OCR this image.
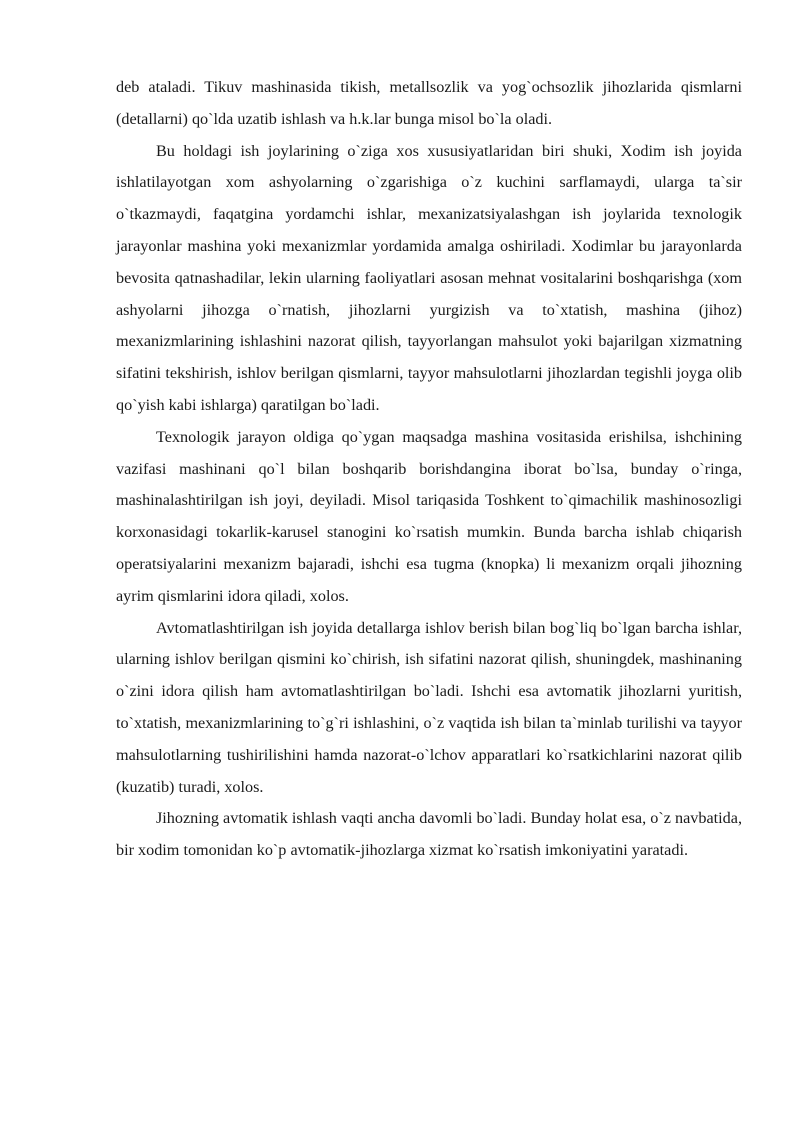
deb ataladi. Tikuv mashinasida tikish, metallsozlik va yog`ochsozlik jihozlarida qismlarni (detallarni) qo`lda uzatib ishlash va h.k.lar bunga misol bo`la oladi.

Bu holdagi ish joylarining o`ziga xos xususiyatlaridan biri shuki, Xodim ish joyida ishlatilayotgan xom ashyolarning o`zgarishiga o`z kuchini sarflamaydi, ularga ta`sir o`tkazmaydi, faqatgina yordamchi ishlar, mexanizatsiyalashgan ish joylarida texnologik jarayonlar mashina yoki mexanizmlar yordamida amalga oshiriladi. Xodimlar bu jarayonlarda bevosita qatnashadilar, lekin ularning faoliyatlari asosan mehnat vositalarini boshqarishga (xom ashyolarni jihozga o`rnatish, jihozlarni yurgizish va to`xtatish, mashina (jihoz) mexanizmlarining ishlashini nazorat qilish, tayyorlangan mahsulot yoki bajarilgan xizmatning sifatini tekshirish, ishlov berilgan qismlarni, tayyor mahsulotlarni jihozlardan tegishli joyga olib qo`yish kabi ishlarga) qaratilgan bo`ladi.

Texnologik jarayon oldiga qo`ygan maqsadga mashina vositasida erishilsa, ishchining vazifasi mashinani qo`l bilan boshqarib borishdangina iborat bo`lsa, bunday o`ringa, mashinalashtirilgan ish joyi, deyiladi. Misol tariqasida Toshkent to`qimachilik mashinosozligi korxonasidagi tokarlik-karusel stanogini ko`rsatish mumkin. Bunda barcha ishlab chiqarish operatsiyalarini mexanizm bajaradi, ishchi esa tugma (knopka) li mexanizm orqali jihozning ayrim qismlarini idora qiladi, xolos.

Avtomatlashtirilgan ish joyida detallarga ishlov berish bilan bog`liq bo`lgan barcha ishlar, ularning ishlov berilgan qismini ko`chirish, ish sifatini nazorat qilish, shuningdek, mashinaning o`zini idora qilish ham avtomatlashtirilgan bo`ladi. Ishchi esa avtomatik jihozlarni yuritish, to`xtatish, mexanizmlarining to`g`ri ishlashini, o`z vaqtida ish bilan ta`minlab turilishi va tayyor mahsulotlarning tushirilishini hamda nazorat-o`lchov apparatlari ko`rsatkichlarini nazorat qilib (kuzatib) turadi, xolos.

Jihozning avtomatik ishlash vaqti ancha davomli bo`ladi. Bunday holat esa, o`z navbatida, bir xodim tomonidan ko`p avtomatik-jihozlarga xizmat ko`rsatish imkoniyatini yaratadi.
